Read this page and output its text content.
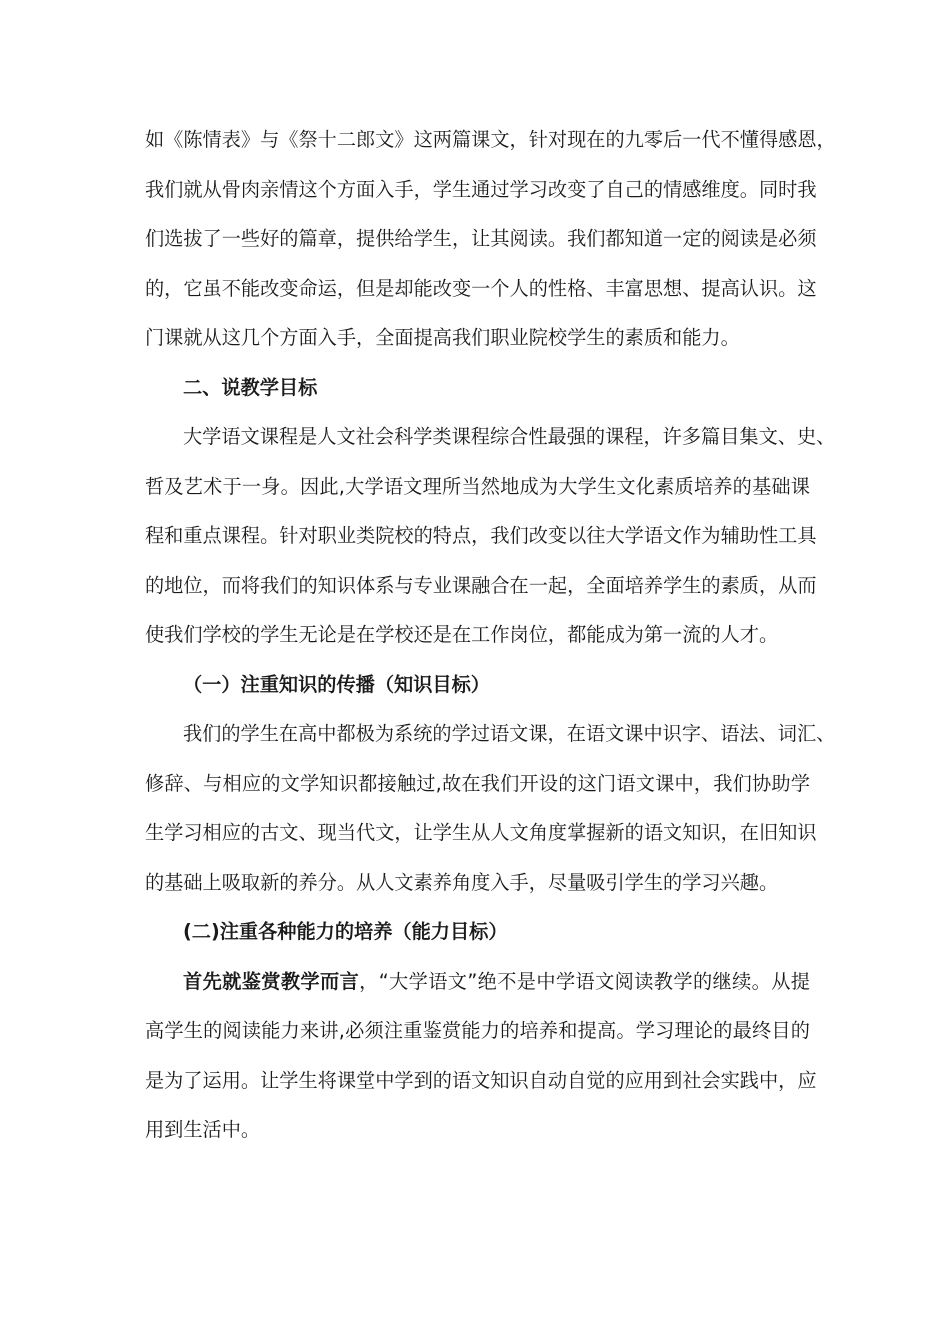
如《陈情表》与《祭十二郎文》这两篇课文，针对现在的九零后一代不懂得感恩，
我们就从骨肉亲情这个方面入手，学生通过学习改变了自己的情感维度。同时我
们选拔了一些好的篇章，提供给学生，让其阅读。我们都知道一定的阅读是必须
的，它虽不能改变命运，但是却能改变一个人的性格、丰富思想、提高认识。这
门课就从这几个方面入手，全面提高我们职业院校学生的素质和能力。
二、说教学目标
大学语文课程是人文社会科学类课程综合性最强的课程，许多篇目集文、史、
哲及艺术于一身。因此,大学语文理所当然地成为大学生文化素质培养的基础课
程和重点课程。针对职业类院校的特点，我们改变以往大学语文作为辅助性工具
的地位，而将我们的知识体系与专业课融合在一起，全面培养学生的素质，从而
使我们学校的学生无论是在学校还是在工作岗位，都能成为第一流的人才。
（一）注重知识的传播（知识目标）
我们的学生在高中都极为系统的学过语文课，在语文课中识字、语法、词汇、
修辞、与相应的文学知识都接触过,故在我们开设的这门语文课中，我们协助学
生学习相应的古文、现当代文，让学生从人文角度掌握新的语文知识，在旧知识
的基础上吸取新的养分。从人文素养角度入手，尽量吸引学生的学习兴趣。
(二)注重各种能力的培养（能力目标）
首先就鉴赏教学而言，“大学语文”绝不是中学语文阅读教学的继续。从提
高学生的阅读能力来讲,必须注重鉴赏能力的培养和提高。学习理论的最终目的
是为了运用。让学生将课堂中学到的语文知识自动自觉的应用到社会实践中，应
用到生活中。
